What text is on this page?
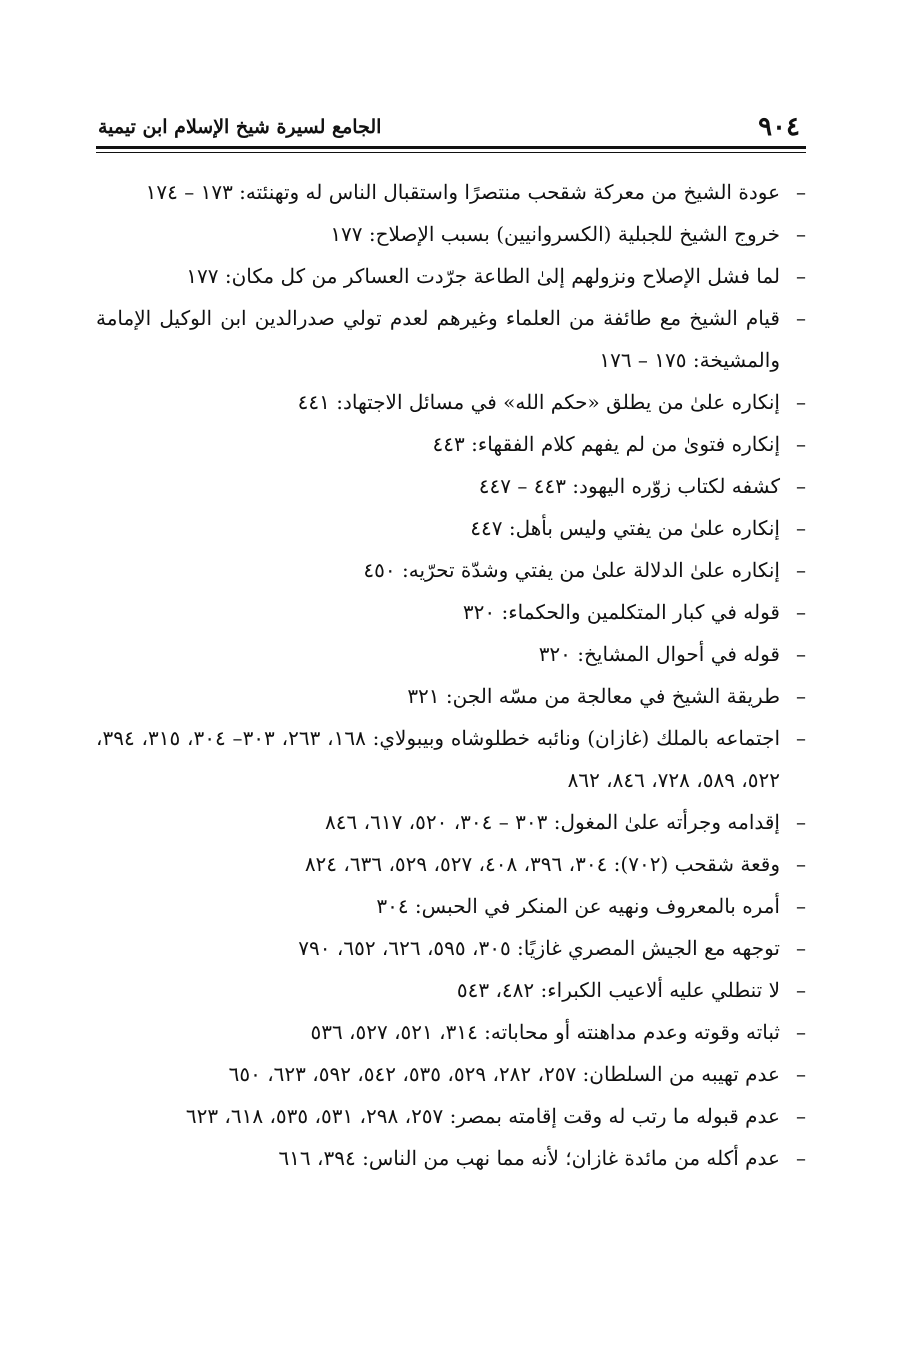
٩٠٤
الجامع لسيرة شيخ الإسلام ابن تيمية
–
عودة الشيخ من معركة شقحب منتصرًا واستقبال الناس له وتهنئته: ١٧٣ – ١٧٤
–
خروج الشيخ للجبلية (الكسروانيين) بسبب الإصلاح: ١٧٧
–
لما فشل الإصلاح ونزولهم إلىٰ الطاعة جرّدت العساكر من كل مكان: ١٧٧
–
قيام الشيخ مع طائفة من العلماء وغيرهم لعدم تولي صدرالدين ابن الوكيل الإمامة والمشيخة: ١٧٥ – ١٧٦
–
إنكاره علىٰ من يطلق «حكم الله» في مسائل الاجتهاد: ٤٤١
–
إنكاره فتوىٰ من لم يفهم كلام الفقهاء: ٤٤٣
–
كشفه لكتاب زوّره اليهود: ٤٤٣ – ٤٤٧
–
إنكاره علىٰ من يفتي وليس بأهل: ٤٤٧
–
إنكاره علىٰ الدلالة علىٰ من يفتي وشدّة تحرّيه: ٤٥٠
–
قوله في كبار المتكلمين والحكماء: ٣٢٠
–
قوله في أحوال المشايخ: ٣٢٠
–
طريقة الشيخ في معالجة من مسّه الجن: ٣٢١
–
اجتماعه بالملك (غازان) ونائبه خطلوشاه وبيبولاي: ١٦٨، ٢٦٣، ٣٠٣– ٣٠٤، ٣١٥، ٣٩٤، ٥٢٢، ٥٨٩، ٧٢٨، ٨٤٦، ٨٦٢
–
إقدامه وجرأته علىٰ المغول: ٣٠٣ – ٣٠٤، ٥٢٠، ٦١٧، ٨٤٦
–
وقعة شقحب (٧٠٢): ٣٠٤، ٣٩٦، ٤٠٨، ٥٢٧، ٥٢٩، ٦٣٦، ٨٢٤
–
أمره بالمعروف ونهيه عن المنكر في الحبس: ٣٠٤
–
توجهه مع الجيش المصري غازيًا: ٣٠٥، ٥٩٥، ٦٢٦، ٦٥٢، ٧٩٠
–
لا تنطلي عليه ألاعيب الكبراء: ٤٨٢، ٥٤٣
–
ثباته وقوته وعدم مداهنته أو محاباته: ٣١٤، ٥٢١، ٥٢٧، ٥٣٦
–
عدم تهيبه من السلطان: ٢٥٧، ٢٨٢، ٥٢٩، ٥٣٥، ٥٤٢، ٥٩٢، ٦٢٣، ٦٥٠
–
عدم قبوله ما رتب له وقت إقامته بمصر: ٢٥٧، ٢٩٨، ٥٣١، ٥٣٥، ٦١٨، ٦٢٣
–
عدم أكله من مائدة غازان؛ لأنه مما نهب من الناس: ٣٩٤، ٦١٦
